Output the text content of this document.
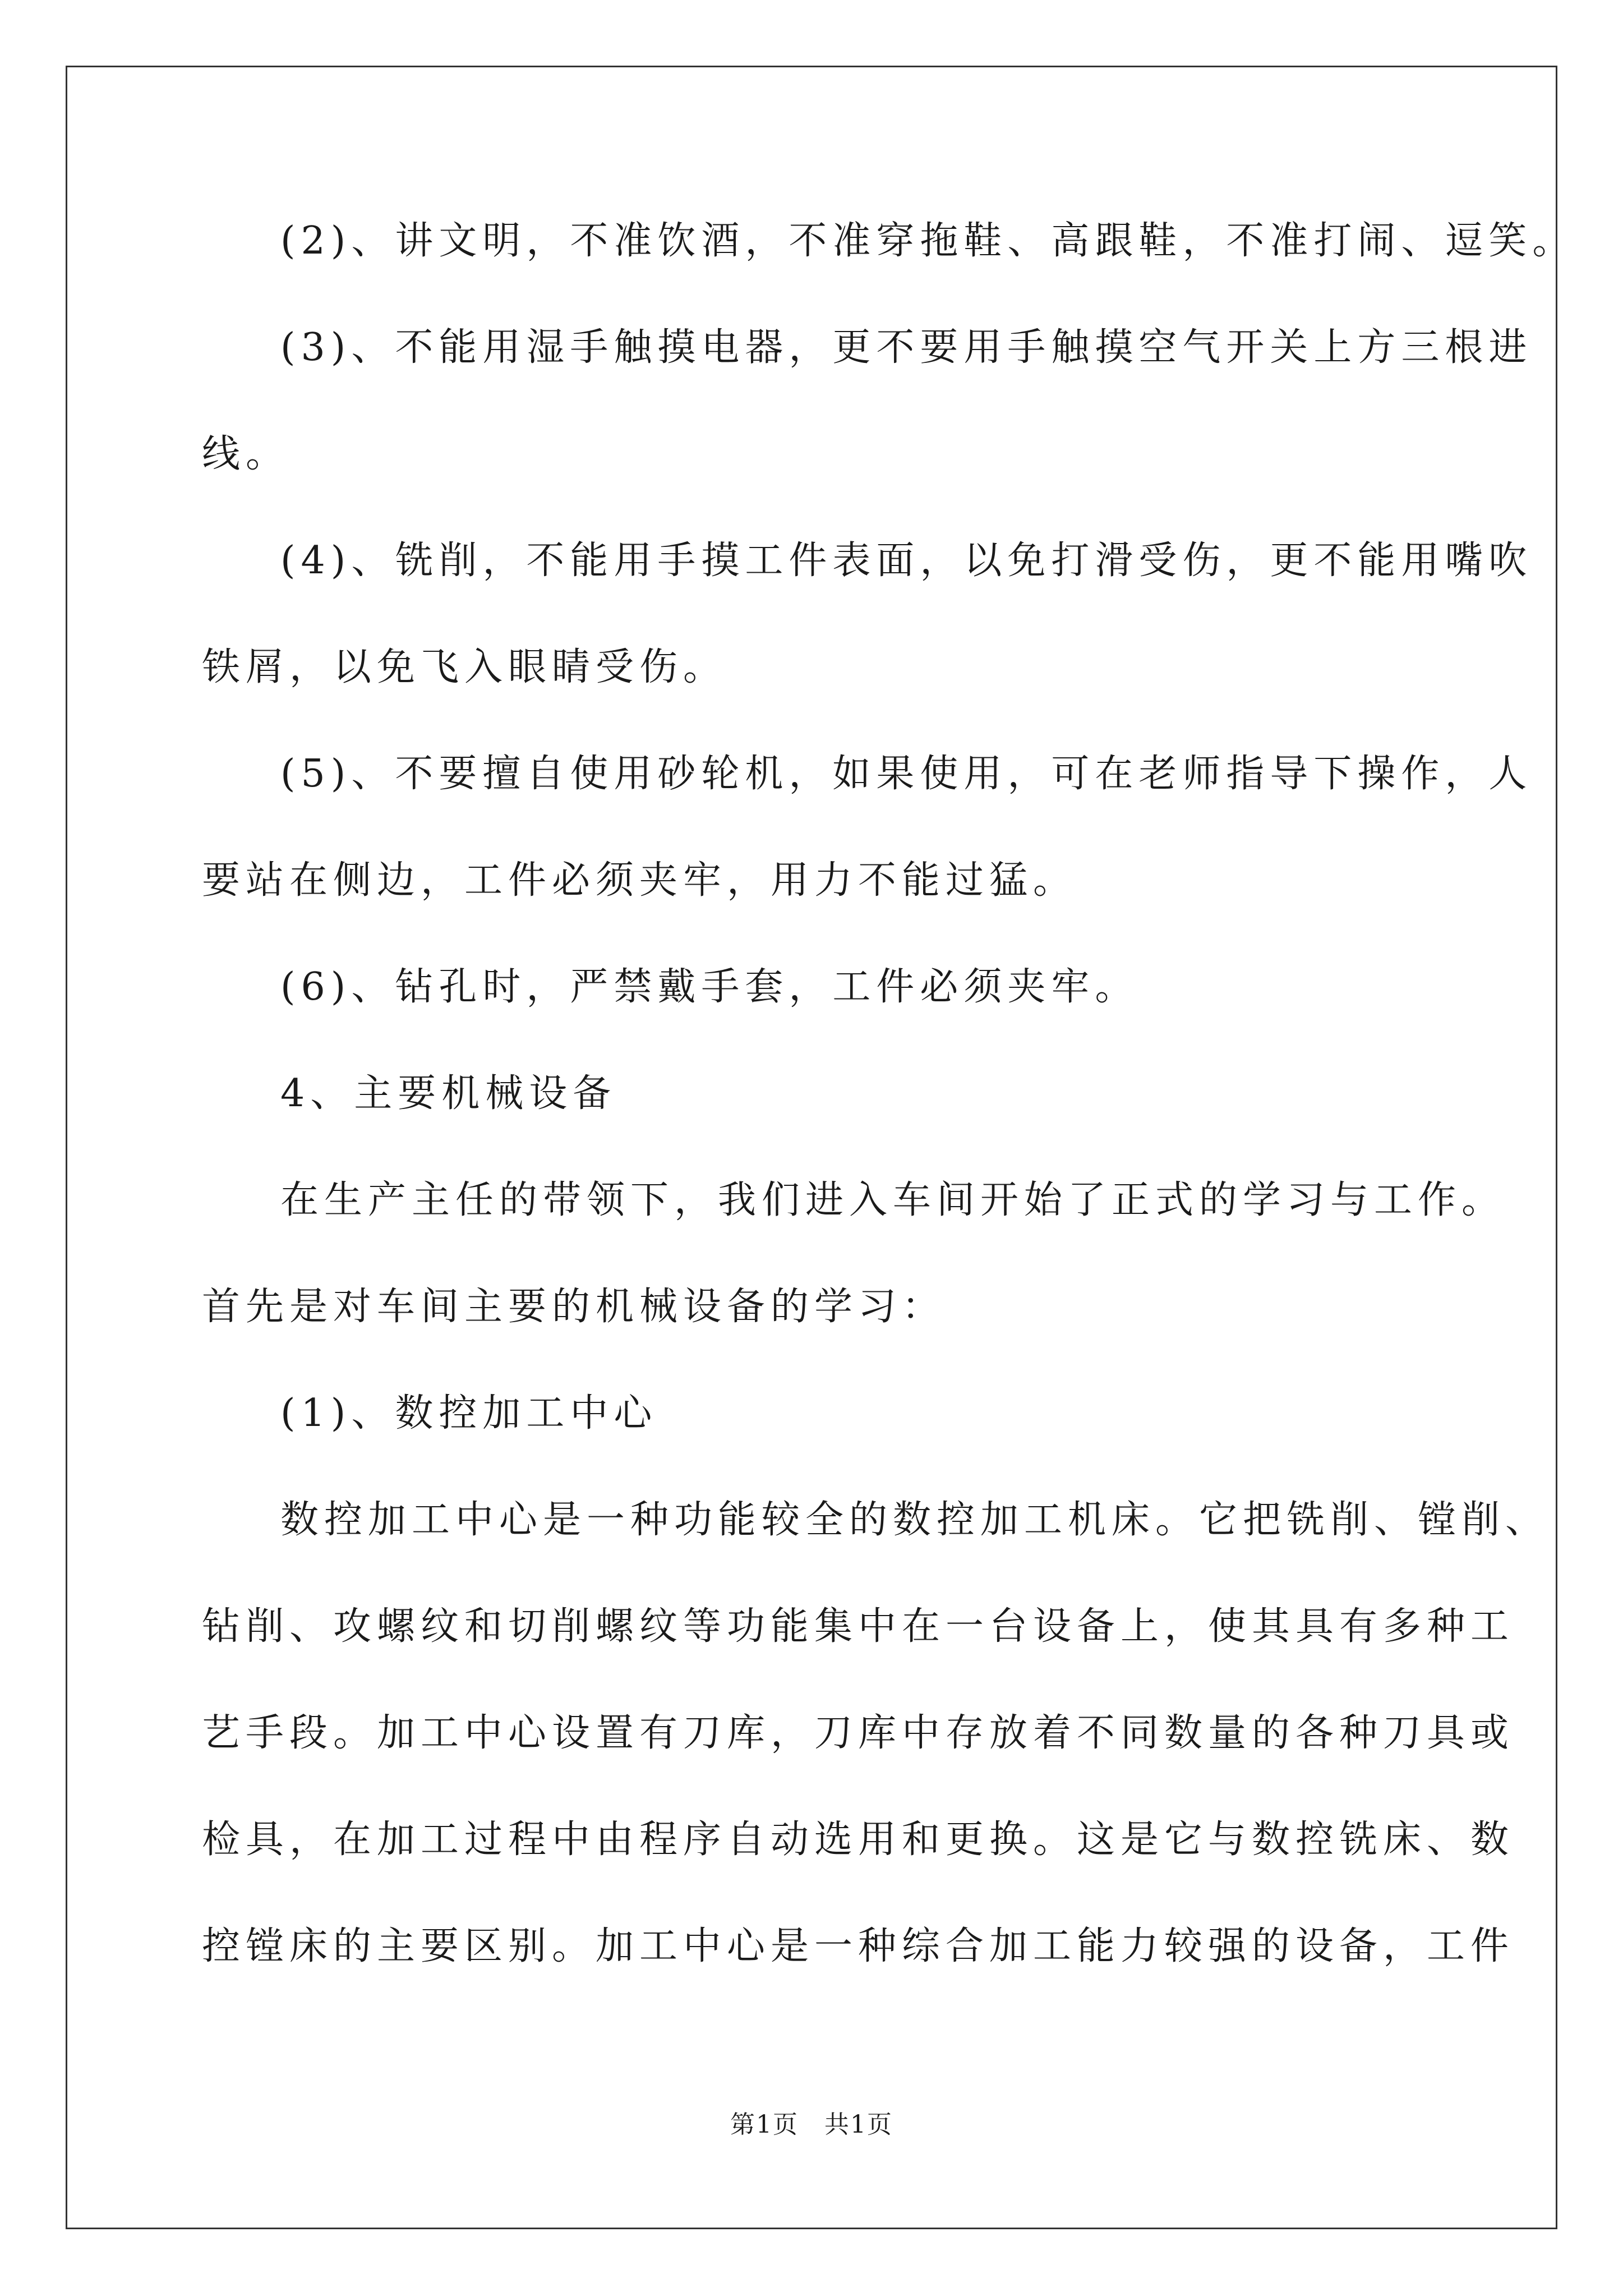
(2)、讲文明，不准饮酒，不准穿拖鞋、高跟鞋，不准打闹、逗笑。
(3)、不能用湿手触摸电器，更不要用手触摸空气开关上方三根进
线。
(4)、铣削，不能用手摸工件表面，以免打滑受伤，更不能用嘴吹
铁屑，以免飞入眼睛受伤。
(5)、不要擅自使用砂轮机，如果使用，可在老师指导下操作，人
要站在侧边，工件必须夹牢，用力不能过猛。
(6)、钻孔时，严禁戴手套，工件必须夹牢。
4、主要机械设备
在生产主任的带领下，我们进入车间开始了正式的学习与工作。
首先是对车间主要的机械设备的学习：
(1)、数控加工中心
数控加工中心是一种功能较全的数控加工机床。它把铣削、镗削、
钻削、攻螺纹和切削螺纹等功能集中在一台设备上，使其具有多种工
艺手段。加工中心设置有刀库，刀库中存放着不同数量的各种刀具或
检具，在加工过程中由程序自动选用和更换。这是它与数控铣床、数
控镗床的主要区别。加工中心是一种综合加工能力较强的设备，工件
第1页　共1页
